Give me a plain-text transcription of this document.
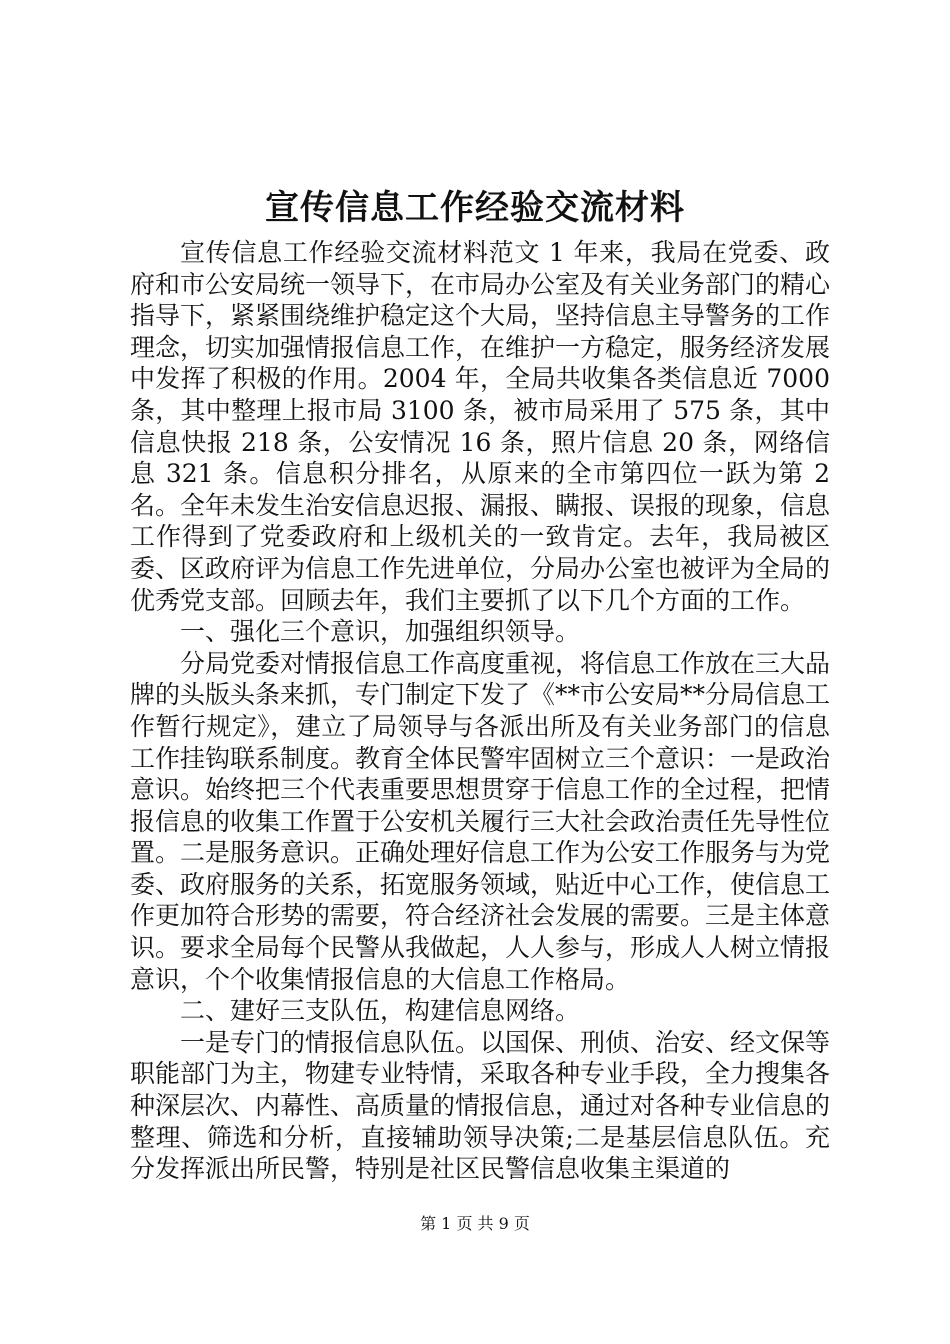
宣传信息工作经验交流材料

宣传信息工作经验交流材料范文 1 年来，我局在党委、政府和市公安局统一领导下，在市局办公室及有关业务部门的精心指导下，紧紧围绕维护稳定这个大局，坚持信息主导警务的工作理念，切实加强情报信息工作，在维护一方稳定，服务经济发展中发挥了积极的作用。2004 年，全局共收集各类信息近 7000 条，其中整理上报市局 3100 条，被市局采用了 575 条，其中信息快报 218 条，公安情况 16 条，照片信息 20 条，网络信息 321 条。信息积分排名，从原来的全市第四位一跃为第 2 名。全年未发生治安信息迟报、漏报、瞒报、误报的现象，信息工作得到了党委政府和上级机关的一致肯定。去年，我局被区委、区政府评为信息工作先进单位，分局办公室也被评为全局的优秀党支部。回顾去年，我们主要抓了以下几个方面的工作。

一、强化三个意识，加强组织领导。

分局党委对情报信息工作高度重视，将信息工作放在三大品牌的头版头条来抓，专门制定下发了《**市公安局**分局信息工作暂行规定》，建立了局领导与各派出所及有关业务部门的信息工作挂钩联系制度。教育全体民警牢固树立三个意识：一是政治意识。始终把三个代表重要思想贯穿于信息工作的全过程，把情报信息的收集工作置于公安机关履行三大社会政治责任先导性位置。二是服务意识。正确处理好信息工作为公安工作服务与为党委、政府服务的关系，拓宽服务领域，贴近中心工作，使信息工作更加符合形势的需要，符合经济社会发展的需要。三是主体意识。要求全局每个民警从我做起，人人参与，形成人人树立情报意识，个个收集情报信息的大信息工作格局。

二、建好三支队伍，构建信息网络。

一是专门的情报信息队伍。以国保、刑侦、治安、经文保等职能部门为主，物建专业特情，采取各种专业手段，全力搜集各种深层次、内幕性、高质量的情报信息，通过对各种专业信息的整理、筛选和分析，直接辅助领导决策;二是基层信息队伍。充分发挥派出所民警，特别是社区民警信息收集主渠道的

第 1 页 共 9 页
